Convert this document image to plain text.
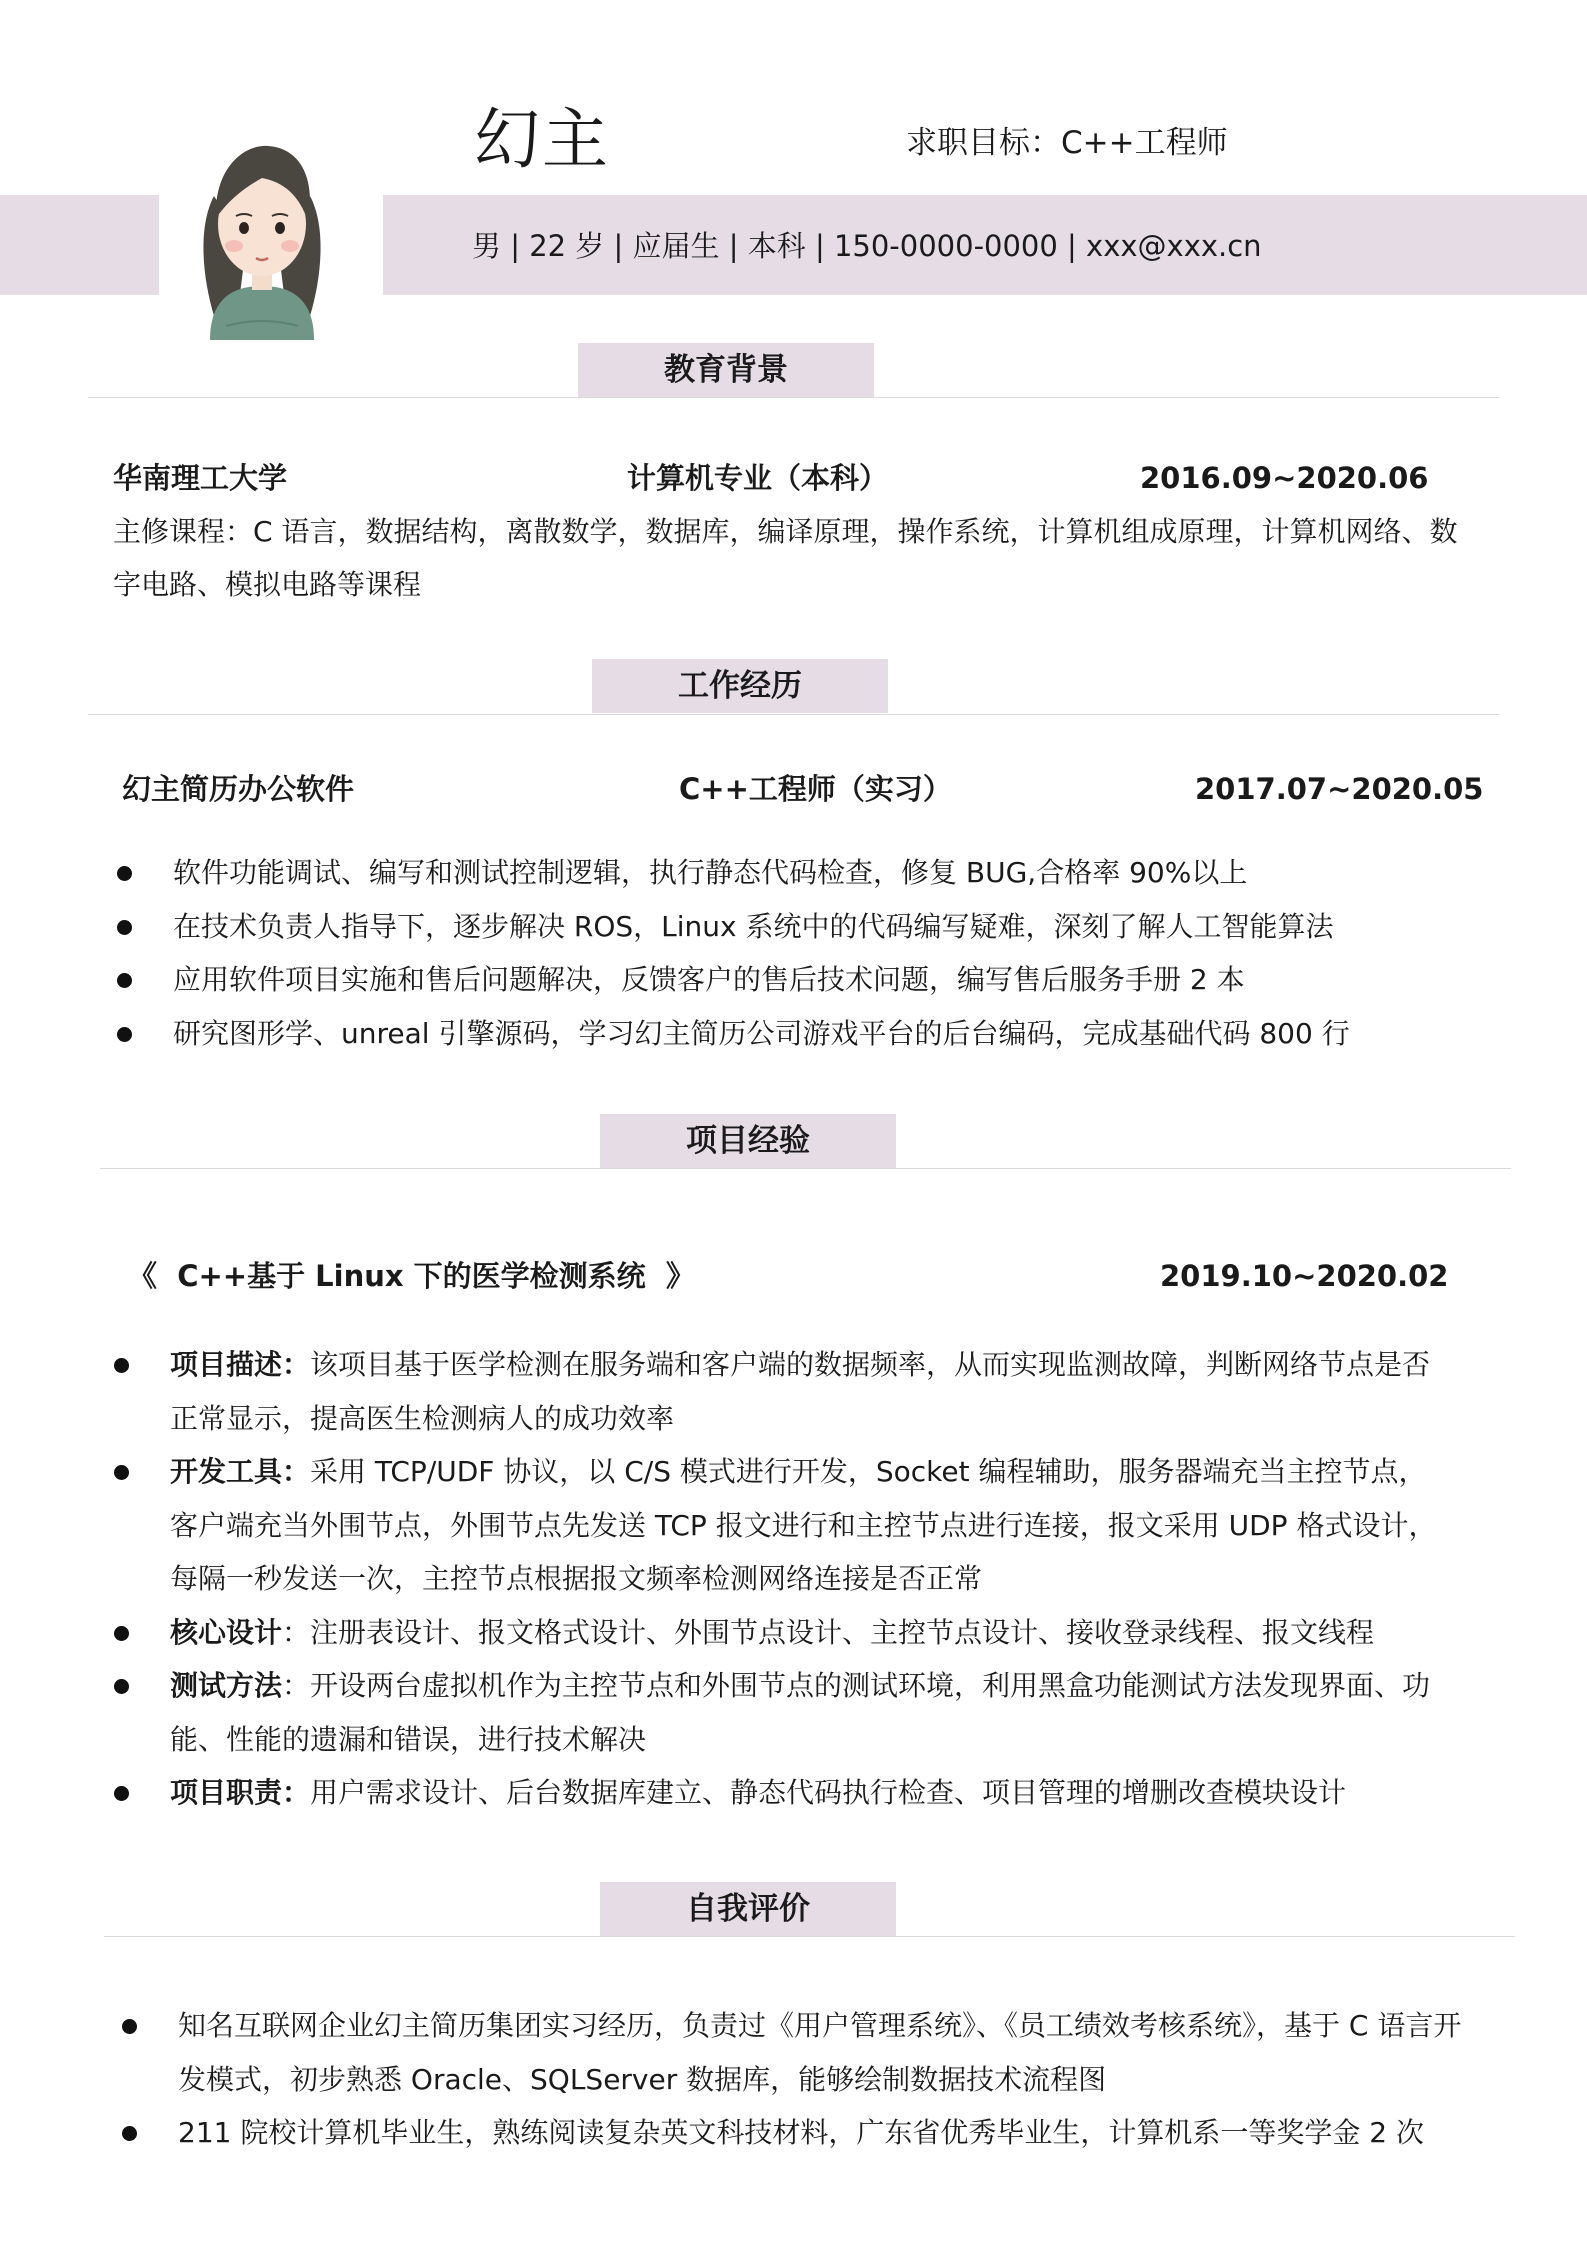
幻主	求职目标：C++工程师
男 | 22 岁 | 应届生 | 本科 | 150-0000-0000 | xxx@xxx.cn
教育背景
华南理工大学	计算机专业（本科）	2016.09~2020.06
主修课程：C 语言，数据结构，离散数学，数据库，编译原理，操作系统，计算机组成原理，计算机网络、数字电路、模拟电路等课程
工作经历
幻主简历办公软件	C++工程师（实习）	2017.07~2020.05
软件功能调试、编写和测试控制逻辑，执行静态代码检查，修复 BUG,合格率 90%以上
在技术负责人指导下，逐步解决 ROS，Linux 系统中的代码编写疑难，深刻了解人工智能算法
应用软件项目实施和售后问题解决，反馈客户的售后技术问题，编写售后服务手册 2 本
研究图形学、unreal 引擎源码，学习幻主简历公司游戏平台的后台编码，完成基础代码 800 行
项目经验
《  C++基于 Linux 下的医学检测系统  》	2019.10~2020.02
项目描述：该项目基于医学检测在服务端和客户端的数据频率，从而实现监测故障，判断网络节点是否正常显示，提高医生检测病人的成功效率
开发工具：采用 TCP/UDF 协议，以 C/S 模式进行开发，Socket 编程辅助，服务器端充当主控节点，客户端充当外围节点，外围节点先发送 TCP 报文进行和主控节点进行连接，报文采用 UDP 格式设计，每隔一秒发送一次，主控节点根据报文频率检测网络连接是否正常
核心设计：注册表设计、报文格式设计、外围节点设计、主控节点设计、接收登录线程、报文线程
测试方法：开设两台虚拟机作为主控节点和外围节点的测试环境，利用黑盒功能测试方法发现界面、功能、性能的遗漏和错误，进行技术解决
项目职责：用户需求设计、后台数据库建立、静态代码执行检查、项目管理的增删改查模块设计
自我评价
知名互联网企业幻主简历集团实习经历，负责过《用户管理系统》、《员工绩效考核系统》，基于 C 语言开发模式，初步熟悉 Oracle、SQLServer 数据库，能够绘制数据技术流程图
211 院校计算机毕业生，熟练阅读复杂英文科技材料，广东省优秀毕业生，计算机系一等奖学金 2 次
